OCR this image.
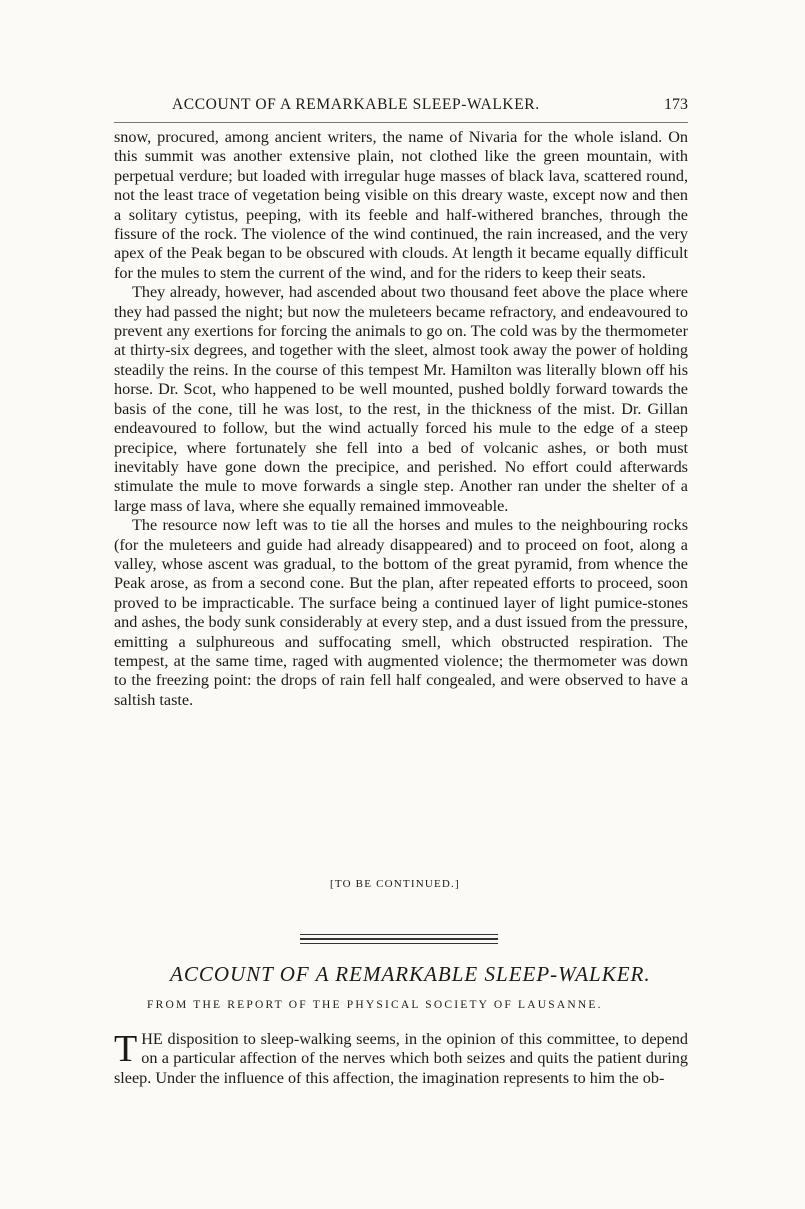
ACCOUNT OF A REMARKABLE SLEEP-WALKER.	173

snow, procured, among ancient writers, the name of Nivaria for the whole island. On this summit was another extensive plain, not clothed like the green mountain, with perpetual verdure; but loaded with irregular huge masses of black lava, scattered round, not the least trace of vegetation being visible on this dreary waste, except now and then a solitary cytistus, peeping, with its feeble and half-withered branches, through the fissure of the rock. The violence of the wind continued, the rain increased, and the very apex of the Peak began to be obscured with clouds. At length it became equally difficult for the mules to stem the current of the wind, and for the riders to keep their seats.

They already, however, had ascended about two thousand feet above the place where they had passed the night; but now the muleteers became refractory, and endeavoured to prevent any exertions for forcing the animals to go on. The cold was by the thermometer at thirty-six degrees, and together with the sleet, almost took away the power of holding steadily the reins. In the course of this tempest Mr. Hamilton was literally blown off his horse. Dr. Scot, who happened to be well mounted, pushed boldly forward towards the basis of the cone, till he was lost, to the rest, in the thickness of the mist. Dr. Gillan endeavoured to follow, but the wind actually forced his mule to the edge of a steep precipice, where fortunately she fell into a bed of volcanic ashes, or both must inevitably have gone down the precipice, and perished. No effort could afterwards stimulate the mule to move forwards a single step. Another ran under the shelter of a large mass of lava, where she equally remained immoveable.

The resource now left was to tie all the horses and mules to the neighbouring rocks (for the muleteers and guide had already disappeared) and to proceed on foot, along a valley, whose ascent was gradual, to the bottom of the great pyramid, from whence the Peak arose, as from a second cone. But the plan, after repeated efforts to proceed, soon proved to be impracticable. The surface being a continued layer of light pumice-stones and ashes, the body sunk considerably at every step, and a dust issued from the pressure, emitting a sulphureous and suffocating smell, which obstructed respiration. The tempest, at the same time, raged with augmented violence; the thermometer was down to the freezing point: the drops of rain fell half congealed, and were observed to have a saltish taste.

[TO BE CONTINUED.]
ACCOUNT OF A REMARKABLE SLEEP-WALKER.
FROM THE REPORT OF THE PHYSICAL SOCIETY OF LAUSANNE.
THE disposition to sleep-walking seems, in the opinion of this committee, to depend on a particular affection of the nerves which both seizes and quits the patient during sleep. Under the influence of this affection, the imagination represents to him the ob-
